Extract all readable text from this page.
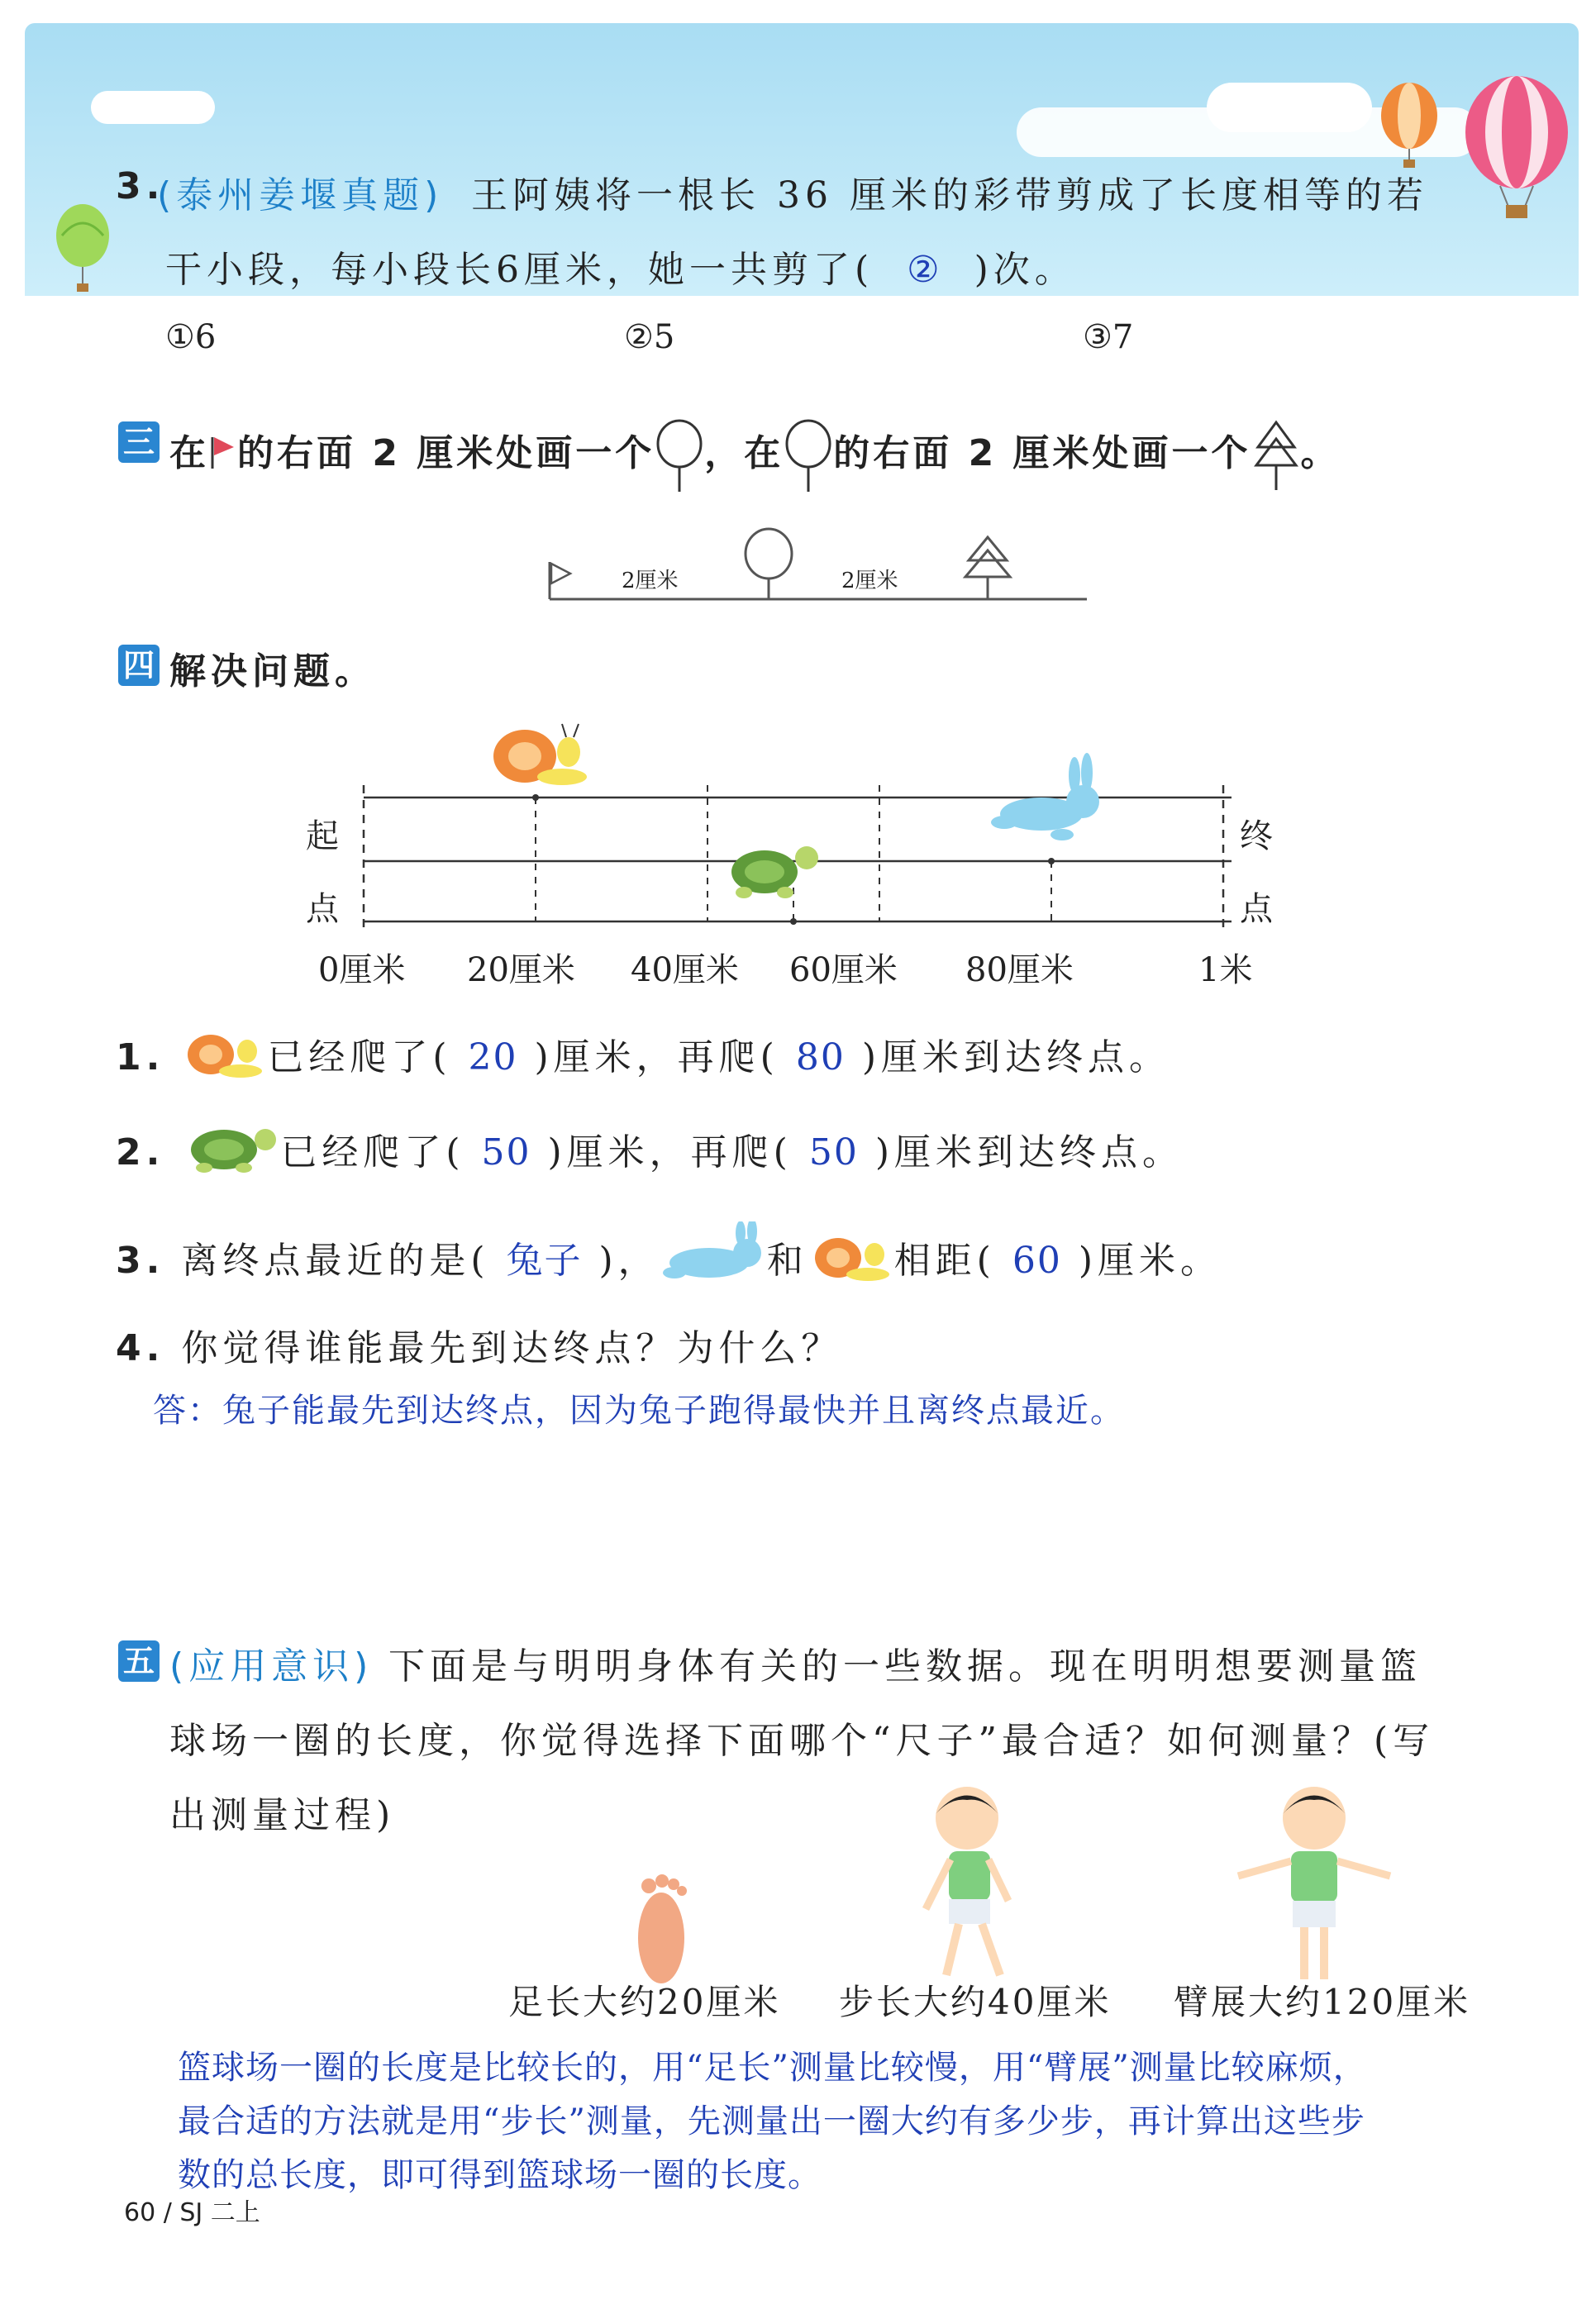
3.
(泰州姜堰真题) 王阿姨将一根长 36 厘米的彩带剪成了长度相等的若
干小段，每小段长6厘米，她一共剪了( ② )次。
①6	②5	③7
三 在 的右面 2 厘米处画一个 ，在 的右面 2 厘米处画一个 。
2厘米	2厘米
四 解决问题。
起
点
终
点
0厘米 20厘米 40厘米 60厘米 80厘米	1米
1.	已经爬了( 20 )厘米，再爬( 80 )厘米到达终点。
2.	已经爬了( 50 )厘米，再爬( 50 )厘米到达终点。
3. 离终点最近的是( 兔子 )，	和 相距( 60 )厘米。
4. 你觉得谁能最先到达终点？为什么？
答：兔子能最先到达终点，因为兔子跑得最快并且离终点最近。
五 (应用意识) 下面是与明明身体有关的一些数据。现在明明想要测量篮
球场一圈的长度，你觉得选择下面哪个“尺子”最合适？如何测量？(写
出测量过程)
足长大约20厘米 步长大约40厘米 臂展大约120厘米
篮球场一圈的长度是比较长的，用“足长”测量比较慢，用“臂展”测量比较麻烦，
最合适的方法就是用“步长”测量，先测量出一圈大约有多少步，再计算出这些步
数的总长度，即可得到篮球场一圈的长度。
60 / SJ 二上
